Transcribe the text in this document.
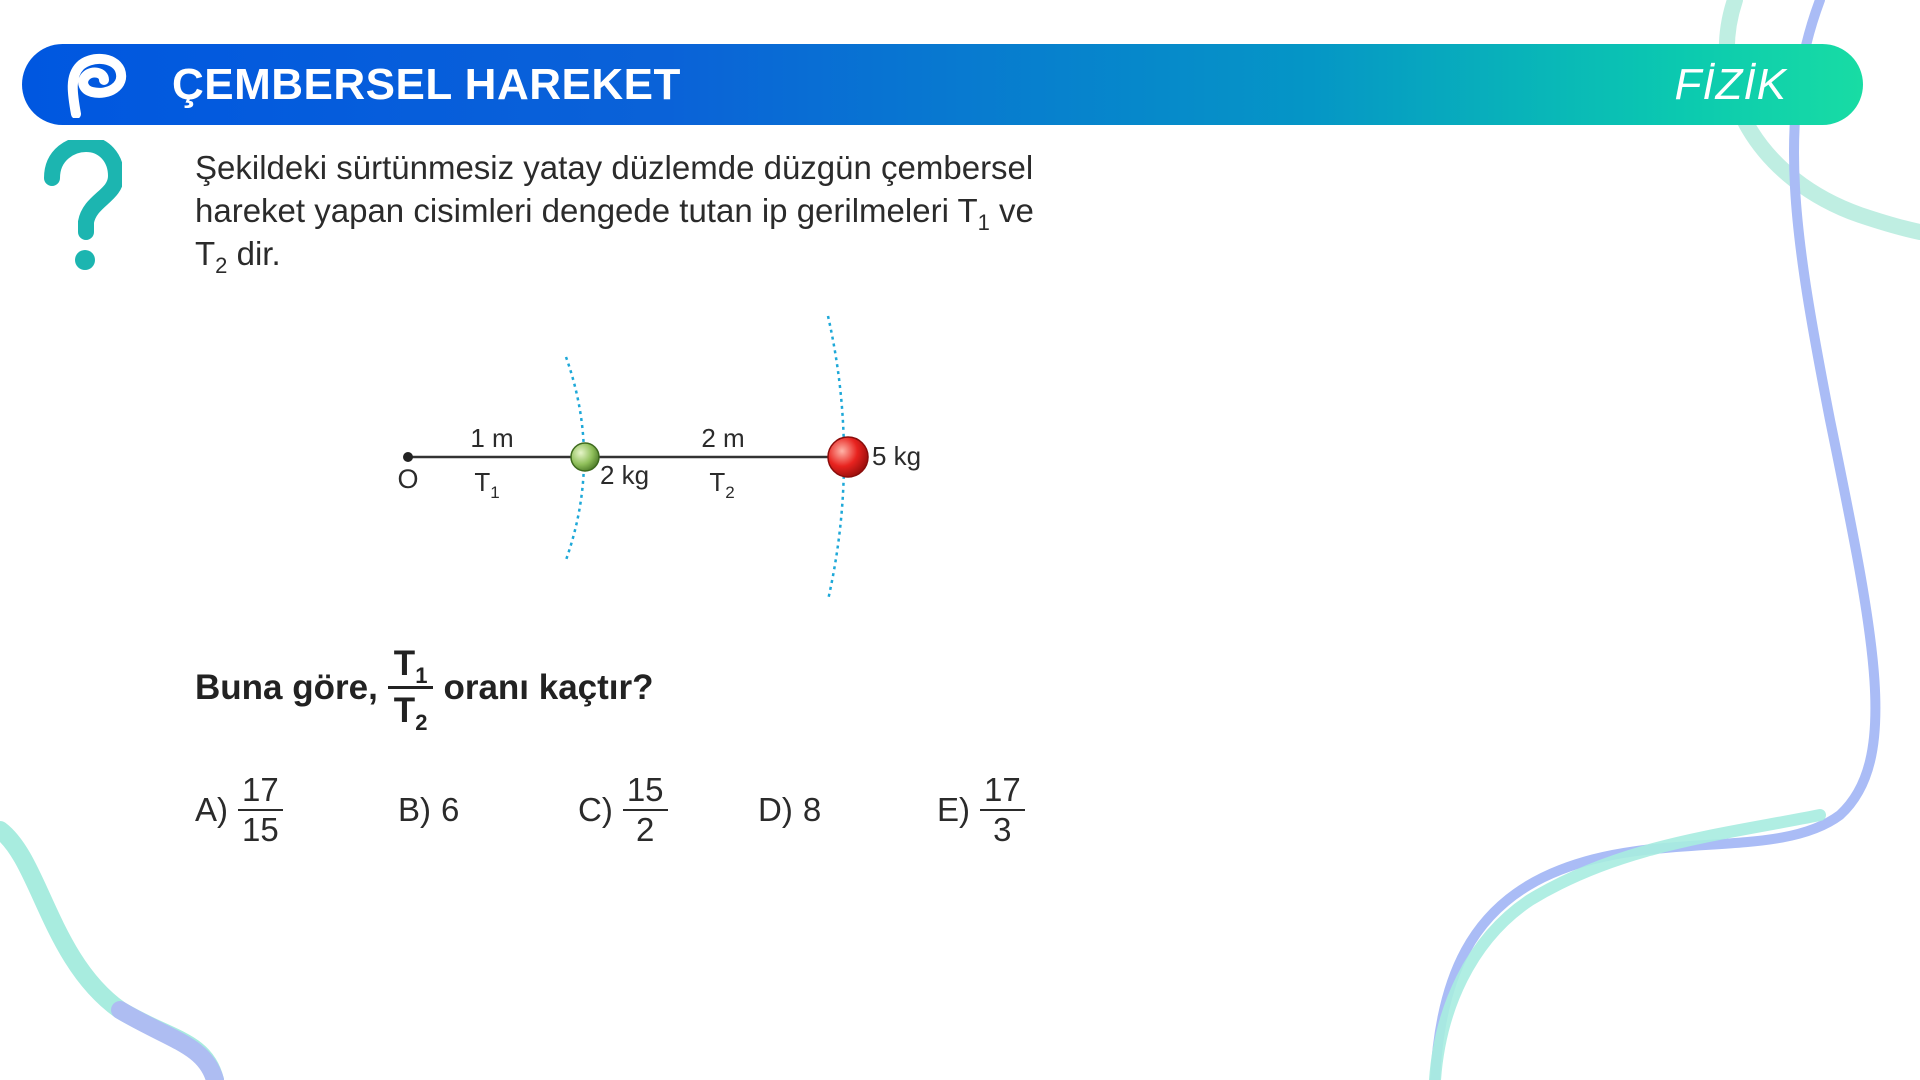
ÇEMBERSEL HAREKET	FİZİK
Şekildeki sürtünmesiz yatay düzlemde düzgün çembersel
hareket yapan cisimleri dengede tutan ip gerilmeleri $T_1$ ve
$T_2$ dir.
O
1 m	2 m
$T_1$	$T_2$
2 kg
5 kg
Buna göre, $\frac{T_1}{T_2}$ oranı kaçtır?
A)
17
15
B) 6	C)
15
2
D) 8	E)
17
3
